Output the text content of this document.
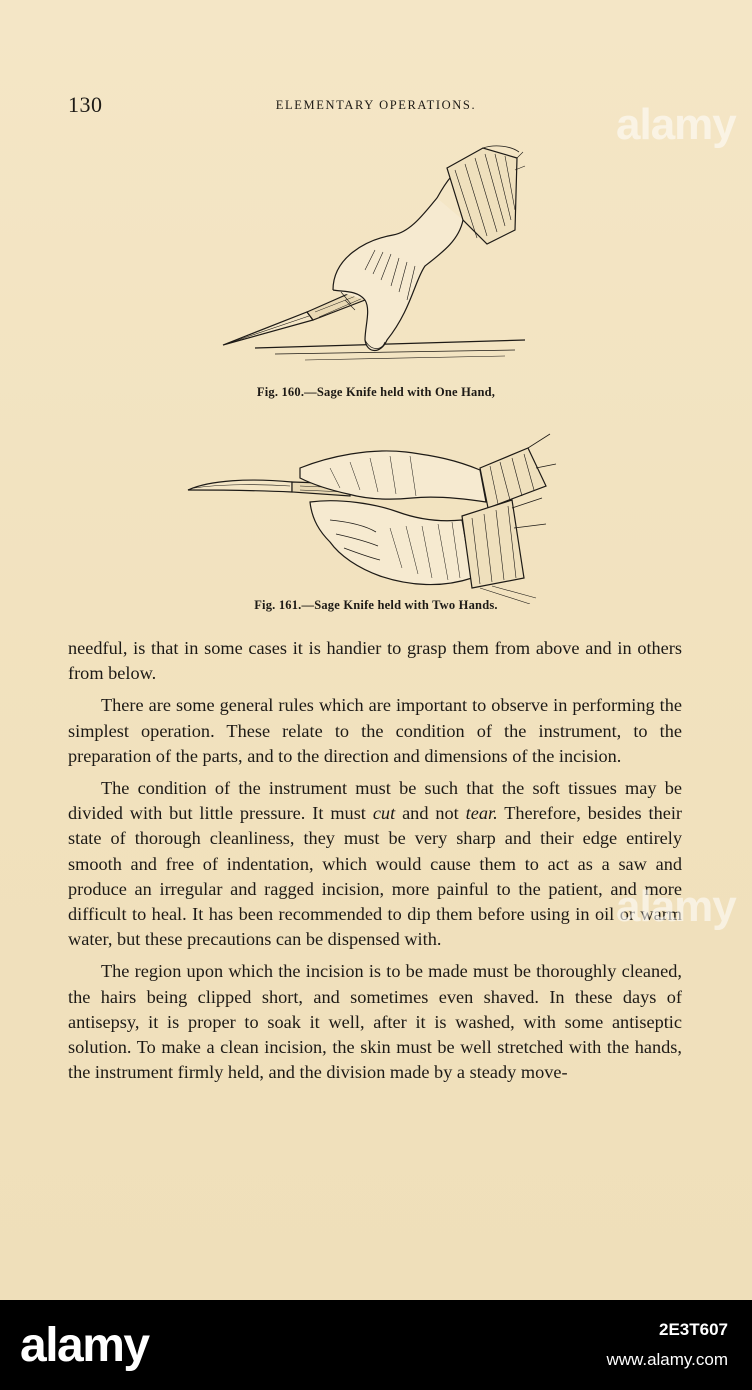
130	ELEMENTARY OPERATIONS.
Fig. 160.—Sage Knife held with One Hand,
Fig. 161.—Sage Knife held with Two Hands.

needful, is that in some cases it is handier to grasp them from above and in others from below.

There are some general rules which are important to observe in performing the simplest operation. These relate to the condition of the instrument, to the preparation of the parts, and to the direction and dimensions of the incision.

The condition of the instrument must be such that the soft tissues may be divided with but little pressure. It must cut and not tear. Therefore, besides their state of thorough cleanliness, they must be very sharp and their edge entirely smooth and free of indentation, which would cause them to act as a saw and produce an irregular and ragged incision, more painful to the patient, and more difficult to heal. It has been recommended to dip them before using in oil or warm water, but these precautions can be dispensed with.

The region upon which the incision is to be made must be thoroughly cleaned, the hairs being clipped short, and sometimes even shaved. In these days of antisepsy, it is proper to soak it well, after it is washed, with some antiseptic solution. To make a clean incision, the skin must be well stretched with the hands, the instrument firmly held, and the division made by a steady move-

alamy
alamy
alamy	2E3T607
www.alamy.com
